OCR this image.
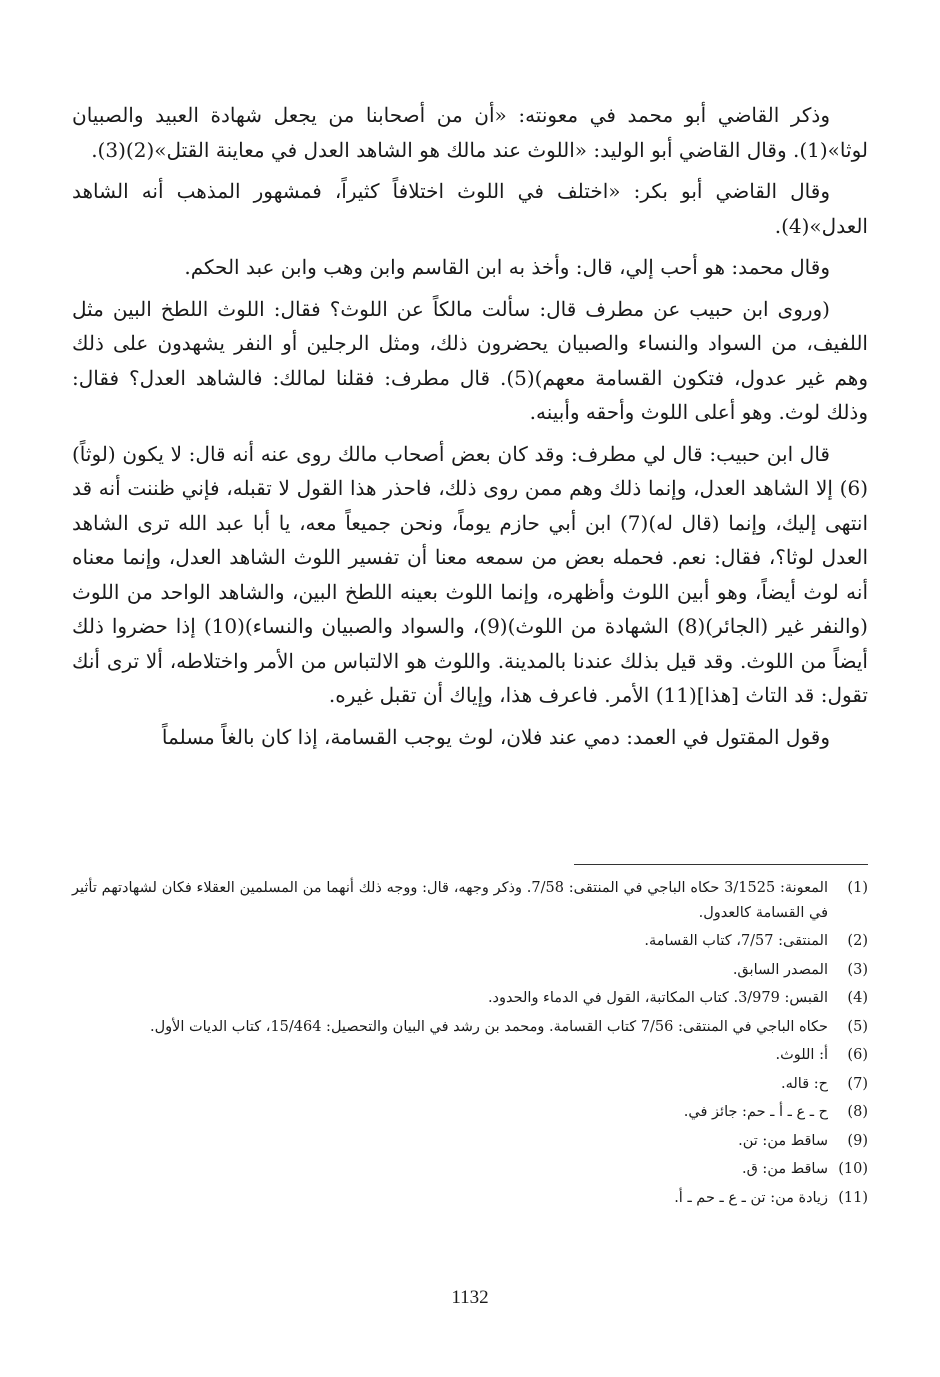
وذكر القاضي أبو محمد في معونته: «أن من أصحابنا من يجعل شهادة العبيد والصبيان لوثا»(1). وقال القاضي أبو الوليد: «اللوث عند مالك هو الشاهد العدل في معاينة القتل»(2)(3).

وقال القاضي أبو بكر: «اختلف في اللوث اختلافاً كثيراً، فمشهور المذهب أنه الشاهد العدل»(4).

وقال محمد: هو أحب إلي، قال: وأخذ به ابن القاسم وابن وهب وابن عبد الحكم.

(وروى ابن حبيب عن مطرف قال: سألت مالكاً عن اللوث؟ فقال: اللوث اللطخ البين مثل اللفيف، من السواد والنساء والصبيان يحضرون ذلك، ومثل الرجلين أو النفر يشهدون على ذلك وهم غير عدول، فتكون القسامة معهم)(5). قال مطرف: فقلنا لمالك: فالشاهد العدل؟ فقال: وذلك لوث. وهو أعلى اللوث وأحقه وأبينه.

قال ابن حبيب: قال لي مطرف: وقد كان بعض أصحاب مالك روى عنه أنه قال: لا يكون (لوثاً)(6) إلا الشاهد العدل، وإنما ذلك وهم ممن روى ذلك، فاحذر هذا القول لا تقبله، فإني ظننت أنه قد انتهى إليك، وإنما (قال له)(7) ابن أبي حازم يوماً، ونحن جميعاً معه، يا أبا عبد الله ترى الشاهد العدل لوثا؟، فقال: نعم. فحمله بعض من سمعه معنا أن تفسير اللوث الشاهد العدل، وإنما معناه أنه لوث أيضاً، وهو أبين اللوث وأظهره، وإنما اللوث بعينه اللطخ البين، والشاهد الواحد من اللوث (والنفر غير (الجائر)(8) الشهادة من اللوث)(9)، والسواد والصبيان والنساء)(10) إذا حضروا ذلك أيضاً من اللوث. وقد قيل بذلك عندنا بالمدينة. واللوث هو الالتباس من الأمر واختلاطه، ألا ترى أنك تقول: قد التاث [هذا](11) الأمر. فاعرف هذا، وإياك أن تقبل غيره.

وقول المقتول في العمد: دمي عند فلان، لوث يوجب القسامة، إذا كان بالغاً مسلماً

(1)
المعونة: 3/1525 حكاه الباجي في المنتقى: 7/58. وذكر وجهه، قال: ووجه ذلك أنهما من المسلمين العقلاء فكان لشهادتهم تأثير في القسامة كالعدول.
(2)
المنتقى: 7/57، كتاب القسامة.
(3)
المصدر السابق.
(4)
القبس: 3/979. كتاب المكاتبة، القول في الدماء والحدود.
(5)
حكاه الباجي في المنتقى: 7/56 كتاب القسامة. ومحمد بن رشد في البيان والتحصيل: 15/464، كتاب الديات الأول.
(6)
أ: اللوث.
(7)
ح: قاله.
(8)
ح ـ ع ـ أ ـ حم: جائز في.
(9)
ساقط من: تن.
(10)
ساقط من: ق.
(11)
زيادة من: تن ـ ع ـ حم ـ أ.
1132
